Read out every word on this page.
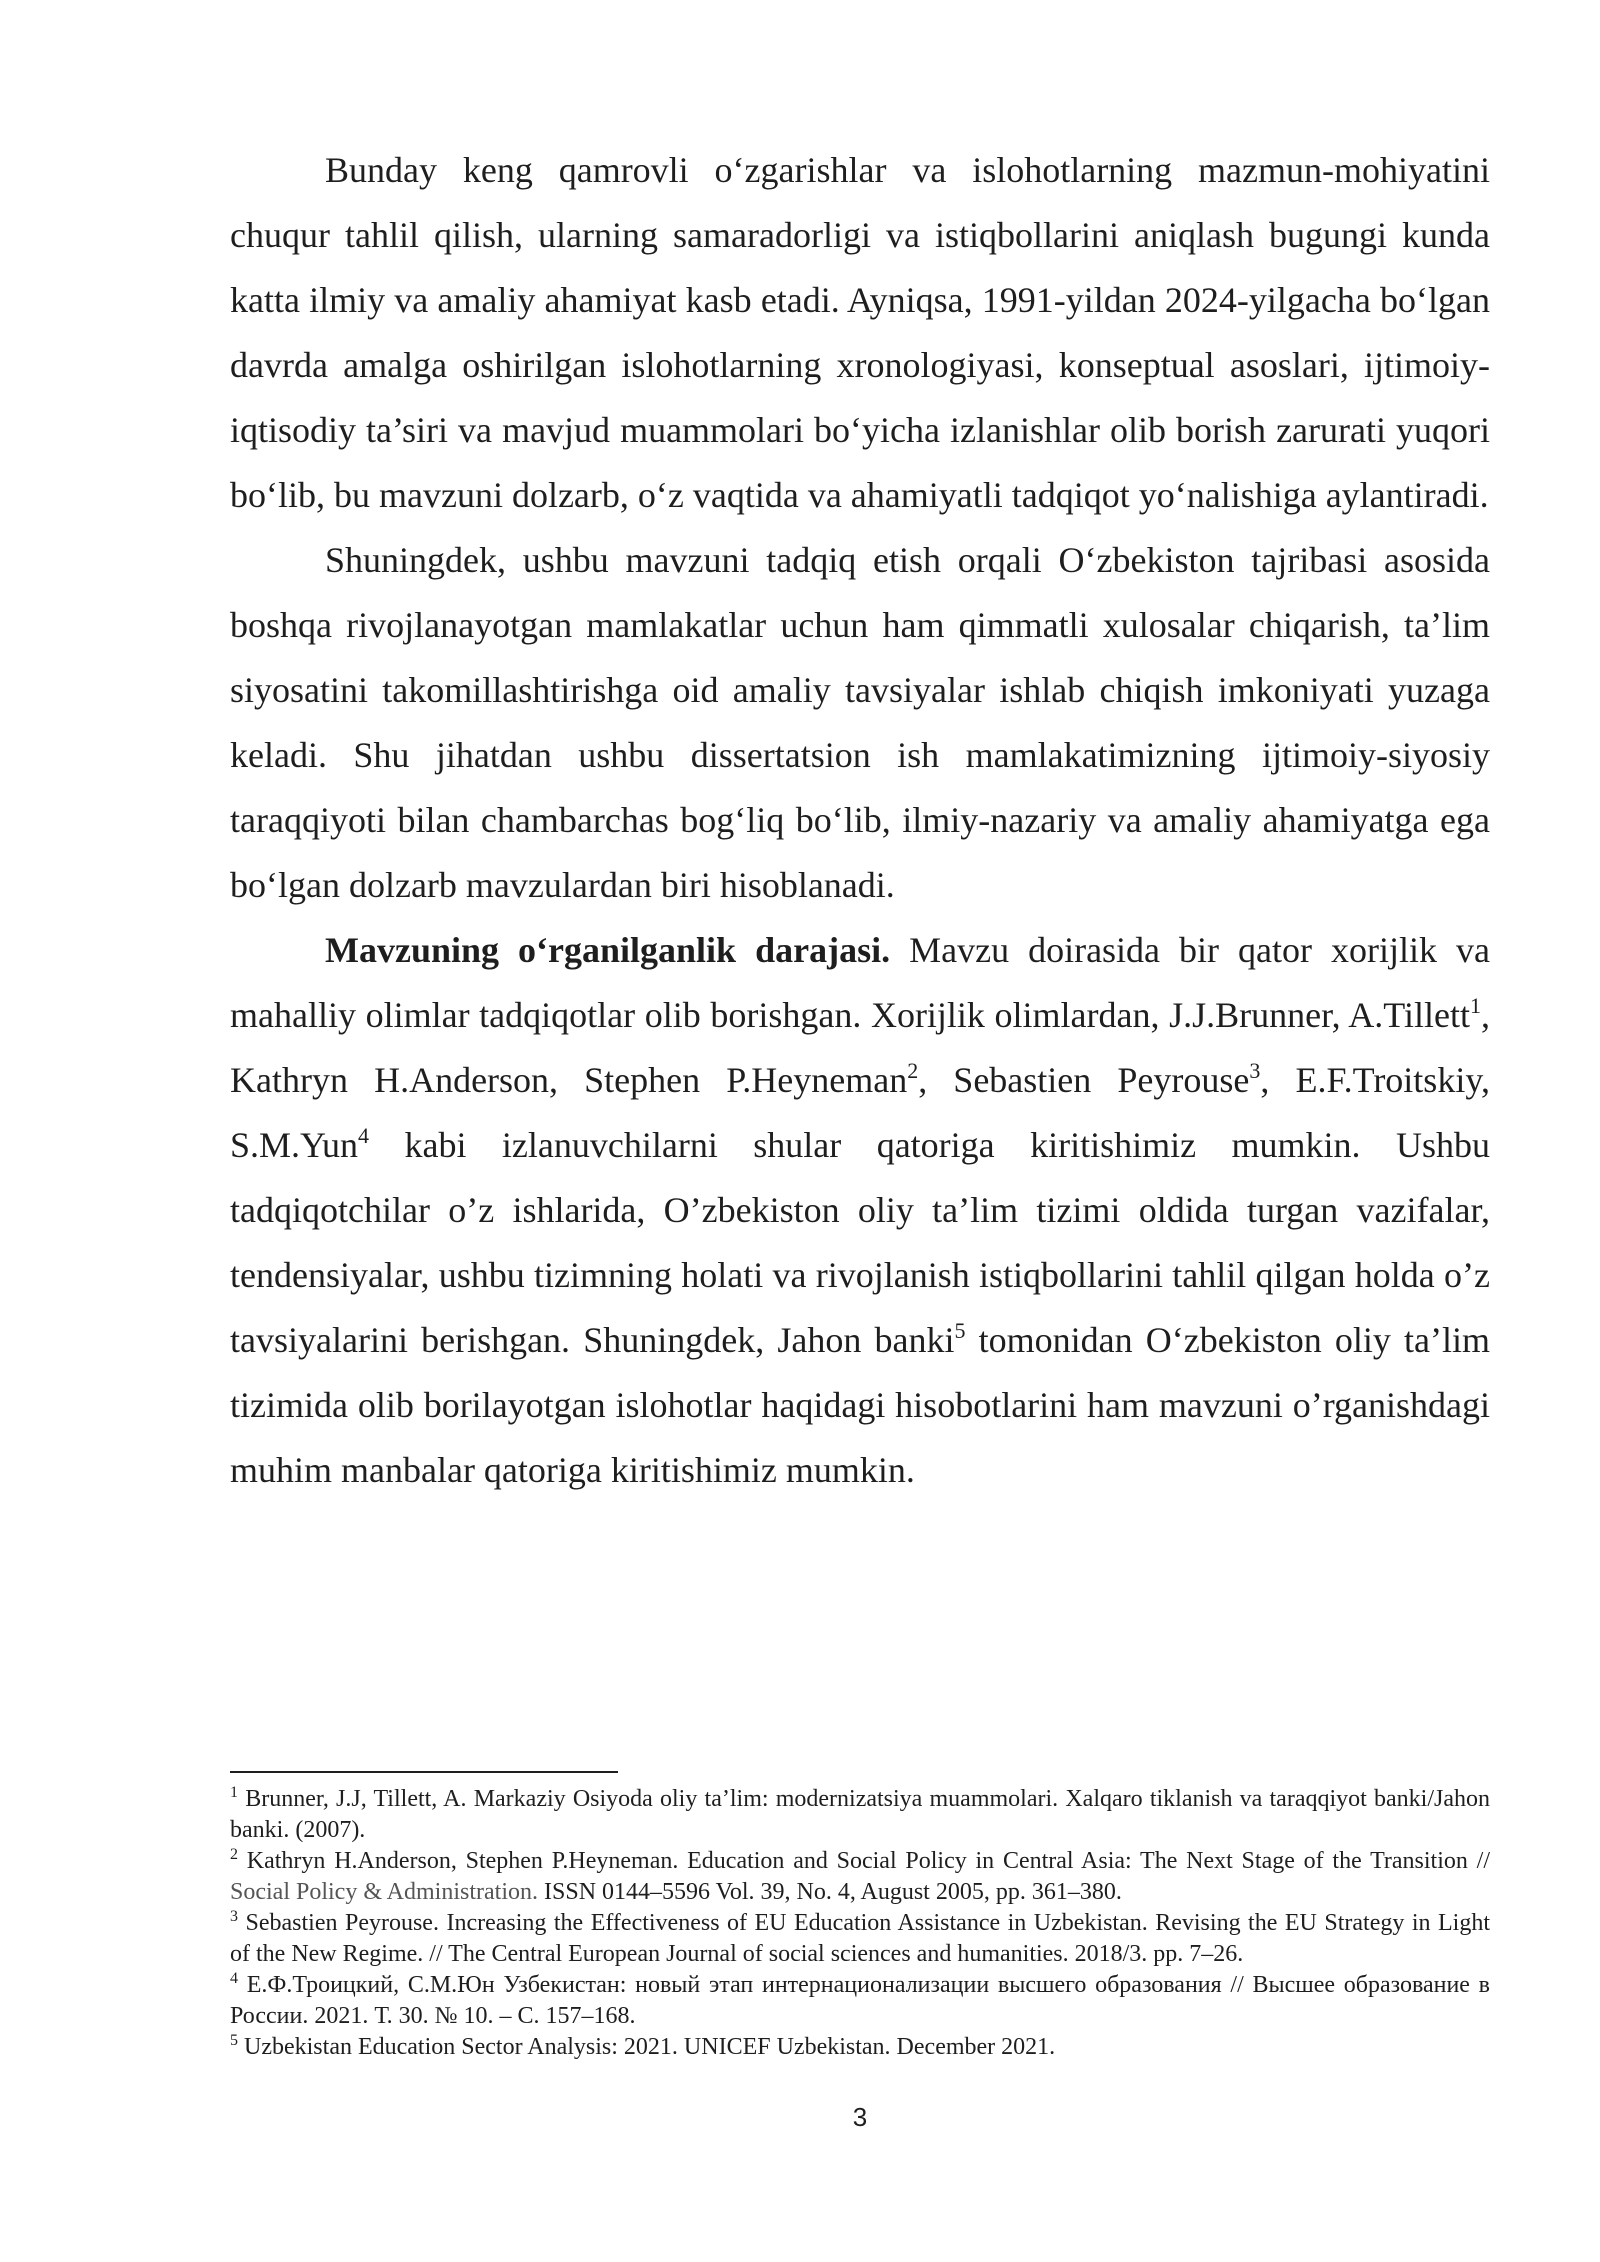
Bunday keng qamrovli o‘zgarishlar va islohotlarning mazmun-mohiyatini chuqur tahlil qilish, ularning samaradorligi va istiqbollarini aniqlash bugungi kunda katta ilmiy va amaliy ahamiyat kasb etadi. Ayniqsa, 1991-yildan 2024-yilgacha bo‘lgan davrda amalga oshirilgan islohotlarning xronologiyasi, konseptual asoslari, ijtimoiy-iqtisodiy ta’siri va mavjud muammolari bo‘yicha izlanishlar olib borish zarurati yuqori bo‘lib, bu mavzuni dolzarb, o‘z vaqtida va ahamiyatli tadqiqot yo‘nalishiga aylantiradi.

Shuningdek, ushbu mavzuni tadqiq etish orqali O‘zbekiston tajribasi asosida boshqa rivojlanayotgan mamlakatlar uchun ham qimmatli xulosalar chiqarish, ta’lim siyosatini takomillashtirishga oid amaliy tavsiyalar ishlab chiqish imkoniyati yuzaga keladi. Shu jihatdan ushbu dissertatsion ish mamlakatimizning ijtimoiy-siyosiy taraqqiyoti bilan chambarchas bog‘liq bo‘lib, ilmiy-nazariy va amaliy ahamiyatga ega bo‘lgan dolzarb mavzulardan biri hisoblanadi.

Mavzuning o‘rganilganlik darajasi. Mavzu doirasida bir qator xorijlik va mahalliy olimlar tadqiqotlar olib borishgan. Xorijlik olimlardan, J.J.Brunner, A.Tillett$^1$, Kathryn H.Anderson, Stephen P.Heyneman$^2$, Sebastien Peyrouse$^3$, E.F.Troitskiy, S.M.Yun$^4$ kabi izlanuvchilarni shular qatoriga kiritishimiz mumkin. Ushbu tadqiqotchilar o’z ishlarida, O’zbekiston oliy ta’lim tizimi oldida turgan vazifalar, tendensiyalar, ushbu tizimning holati va rivojlanish istiqbollarini tahlil qilgan holda o’z tavsiyalarini berishgan. Shuningdek, Jahon banki$^5$ tomonidan O‘zbekiston oliy ta’lim tizimida olib borilayotgan islohotlar haqidagi hisobotlarini ham mavzuni o’rganishdagi muhim manbalar qatoriga kiritishimiz mumkin.

$^1$ Brunner, J.J, Tillett, A. Markaziy Osiyoda oliy ta’lim: modernizatsiya muammolari. Xalqaro tiklanish va taraqqiyot banki/Jahon banki. (2007).

$^2$ Kathryn H.Anderson, Stephen P.Heyneman. Education and Social Policy in Central Asia: The Next Stage of the Transition // Social Policy & Administration. ISSN 0144–5596 Vol. 39, No. 4, August 2005, pp. 361–380.

$^3$ Sebastien Peyrouse. Increasing the Effectiveness of EU Education Assistance in Uzbekistan. Revising the EU Strategy in Light of the New Regime. // The Central European Journal of social sciences and humanities. 2018/3. pp. 7–26.

$^4$ Е.Ф.Троицкий, С.М.Юн Узбекистан: новый этап интернационализации высшего образования // Высшее образование в России. 2021. Т. 30. № 10. – С. 157–168.

$^5$ Uzbekistan Education Sector Analysis: 2021. UNICEF Uzbekistan. December 2021.

3
